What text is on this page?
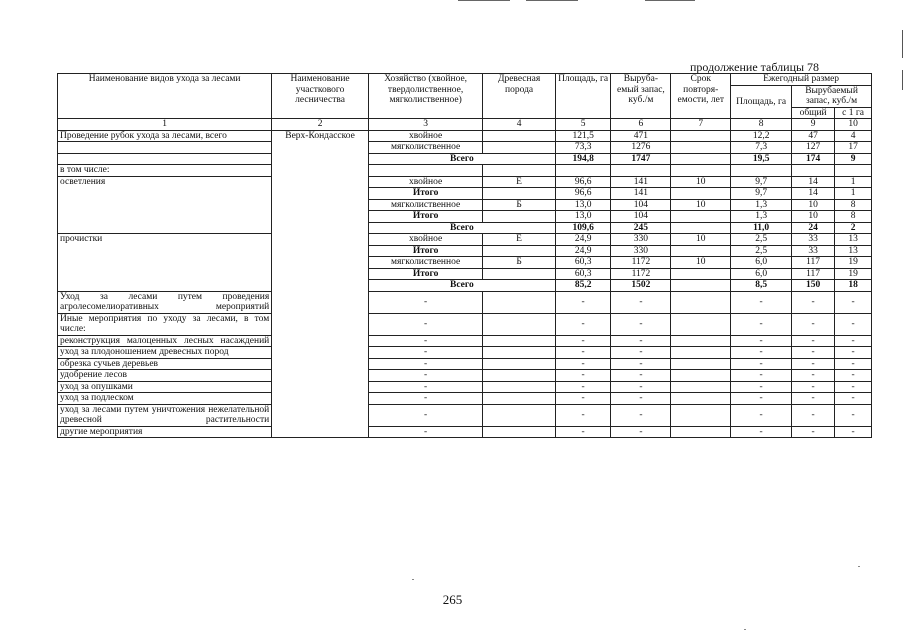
продолжение таблицы 78
Наименование видов ухода за лесами	Наименование участкового лесничества	Хозяйство (хвойное, твердолиственное, мягколиственное)	Древесная порода	Площадь, га	Выруба-емый запас, куб./м	Срок повторя-емости, лет	Ежегодный размер		
							Площадь, га	Вырубаемый запас, куб./м	
								общий	с 1 га
1	2	3	4	5	6	7	8	9	10
Проведение рубок ухода за лесами, всего	Верх-Кондасское	хвойное		121,5	471		12,2	47	4
		мягколиственное		73,3	1276		7,3	127	17
		Всего		194,8	1747		19,5	174	9
в том числе:									
осветления		хвойное	Е	96,6	141	10	9,7	14	1
		Итого		96,6	141		9,7	14	1
		мягколиственное	Б	13,0	104	10	1,3	10	8
		Итого		13,0	104		1,3	10	8
		Всего		109,6	245		11,0	24	2
прочистки		хвойное	Е	24,9	330	10	2,5	33	13
		Итого		24,9	330		2,5	33	13
		мягколиственное	Б	60,3	1172	10	6,0	117	19
		Итого		60,3	1172		6,0	117	19
		Всего		85,2	1502		8,5	150	18
Уход за лесами путем проведения агролесомелиоративных мероприятий		-		-	-		-	-	-
Иные мероприятия по уходу за лесами, в том числе:		-		-	-		-	-	-
реконструкция малоценных лесных насаждений		-		-	-		-	-	-
уход за плодоношением древесных пород		-		-	-		-	-	-
обрезка сучьев деревьев		-		-	-		-	-	-
удобрение лесов		-		-	-		-	-	-
уход за опушками		-		-	-		-	-	-
уход за подлеском		-		-	-		-	-	-
уход за лесами путем уничтожения нежелательной древесной растительности		-		-	-		-	-	-
другие мероприятия		-		-	-		-	-	-
265
